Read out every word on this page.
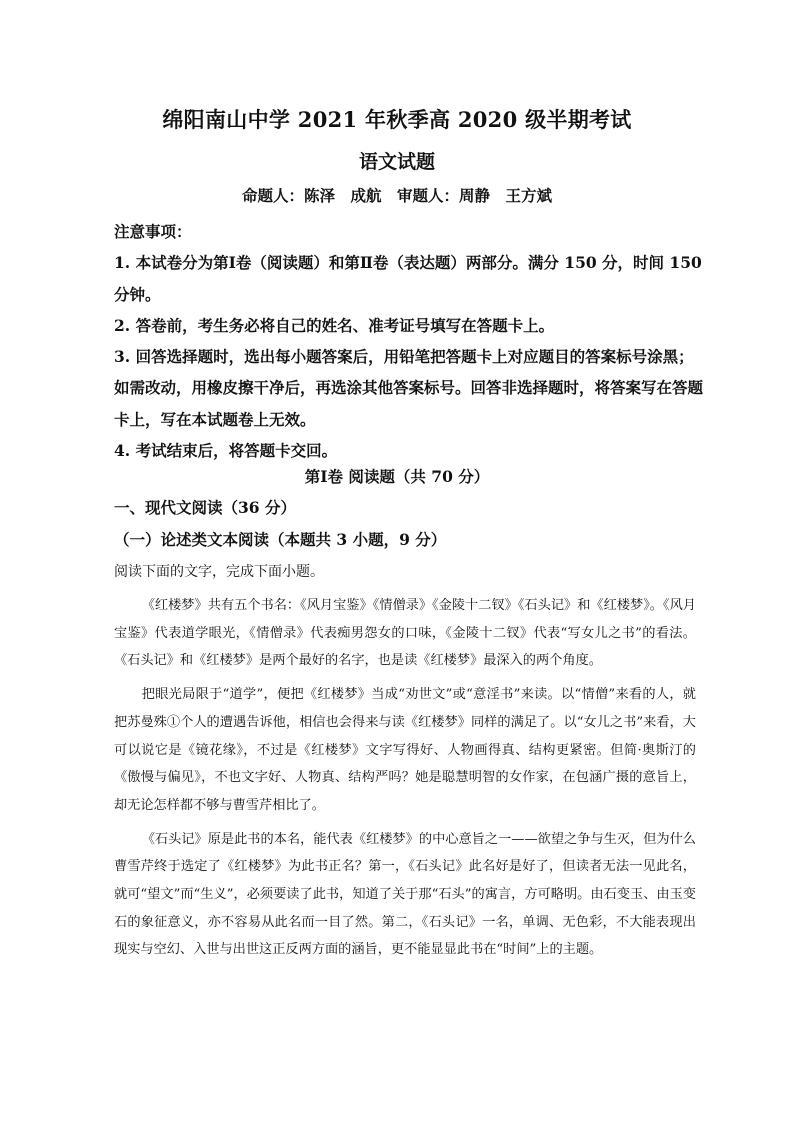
绵阳南山中学 2021 年秋季高 2020 级半期考试
语文试题
命题人：陈泽　成航　审题人：周静　王方斌

注意事项：

1. 本试卷分为第Ⅰ卷（阅读题）和第Ⅱ卷（表达题）两部分。满分 150 分，时间 150 分钟。

2. 答卷前，考生务必将自己的姓名、准考证号填写在答题卡上。

3. 回答选择题时，选出每小题答案后，用铅笔把答题卡上对应题目的答案标号涂黑；如需改动，用橡皮擦干净后，再选涂其他答案标号。回答非选择题时，将答案写在答题卡上，写在本试题卷上无效。

4. 考试结束后，将答题卡交回。

第Ⅰ卷 阅读题（共 70 分）
一、现代文阅读（36 分）
（一）论述类文本阅读（本题共 3 小题，9 分）
阅读下面的文字，完成下面小题。

《红楼梦》共有五个书名：《风月宝鉴》《情僧录》《金陵十二钗》《石头记》和《红楼梦》。《风月宝鉴》代表道学眼光，《情僧录》代表痴男怨女的口味，《金陵十二钗》代表“写女儿之书”的看法。《石头记》和《红楼梦》是两个最好的名字，也是读《红楼梦》最深入的两个角度。

把眼光局限于“道学”，便把《红楼梦》当成“劝世文”或“意淫书”来读。以“情僧”来看的人，就把苏曼殊①个人的遭遇告诉他，相信也会得来与读《红楼梦》同样的满足了。以“女儿之书”来看，大可以说它是《镜花缘》，不过是《红楼梦》文字写得好、人物画得真、结构更紧密。但简·奥斯汀的《傲慢与偏见》，不也文字好、人物真、结构严吗？她是聪慧明智的女作家，在包涵广摄的意旨上，却无论怎样都不够与曹雪芹相比了。

《石头记》原是此书的本名，能代表《红楼梦》的中心意旨之一——欲望之争与生灭，但为什么曹雪芹终于选定了《红楼梦》为此书正名？第一，《石头记》此名好是好了，但读者无法一见此名，就可“望文”而“生义”，必须要读了此书，知道了关于那“石头”的寓言，方可略明。由石变玉、由玉变石的象征意义，亦不容易从此名而一目了然。第二，《石头记》一名，单调、无色彩，不大能表现出现实与空幻、入世与出世这正反两方面的涵旨，更不能显显此书在“时间”上的主题。
